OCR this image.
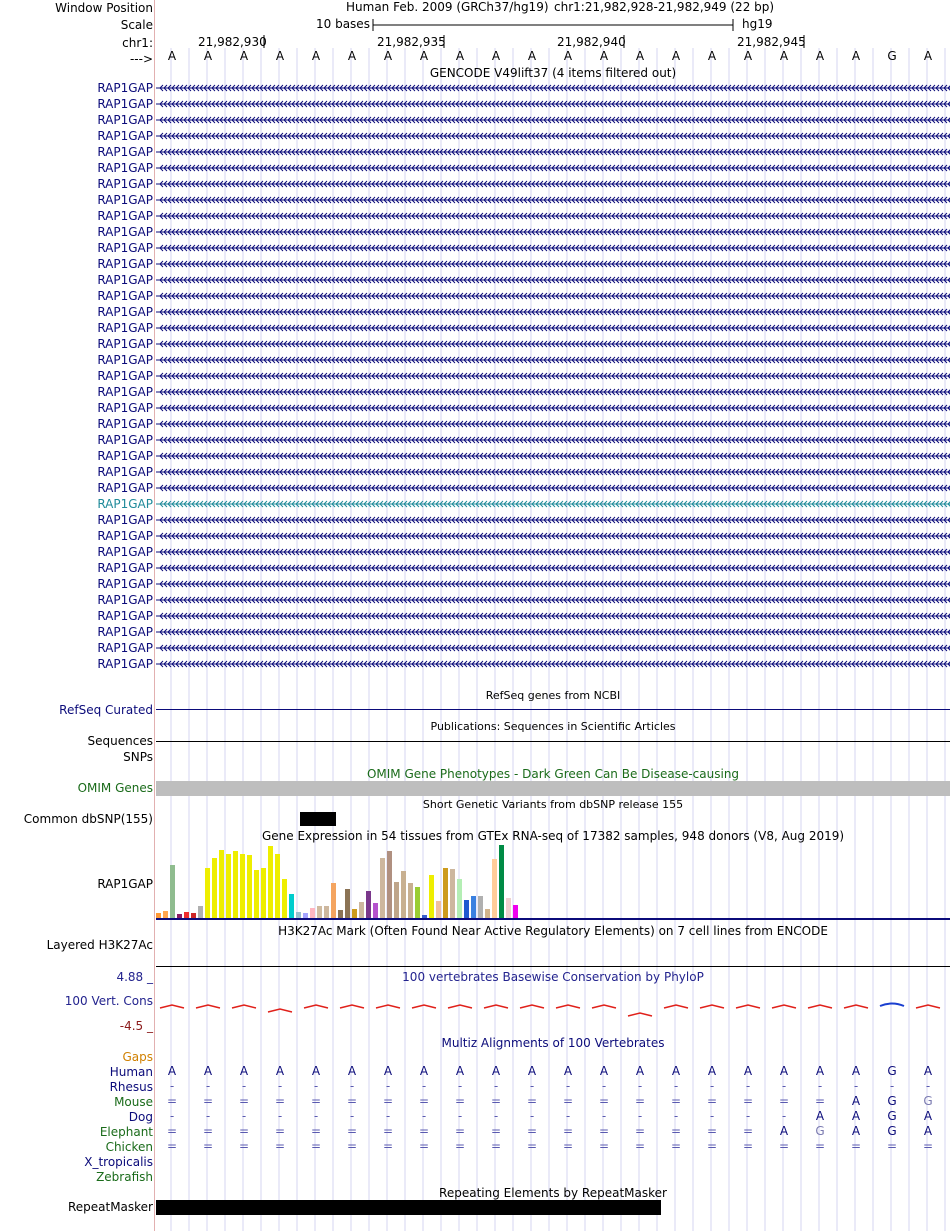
Window Position	Human Feb. 2009 (GRCh37/hg19) chr1:21,982,928-21,982,949 (22 bp)
Scale	10 bases	hg19
chr1:	21,982,930	21,982,935	21,982,940	21,982,945
--->	A	A	A	A	A	A	A	A	A	A	A	A	A	A	A	A	A	A	A	A	G	A
GENCODE V49lift37 (4 items filtered out)
RAP1GAP
RAP1GAP
RAP1GAP
RAP1GAP
RAP1GAP
RAP1GAP
RAP1GAP
RAP1GAP
RAP1GAP
RAP1GAP
RAP1GAP
RAP1GAP
RAP1GAP
RAP1GAP
RAP1GAP
RAP1GAP
RAP1GAP
RAP1GAP
RAP1GAP
RAP1GAP
RAP1GAP
RAP1GAP
RAP1GAP
RAP1GAP
RAP1GAP
RAP1GAP
RAP1GAP
RAP1GAP
RAP1GAP
RAP1GAP
RAP1GAP
RAP1GAP
RAP1GAP
RAP1GAP
RAP1GAP
RAP1GAP
RAP1GAP
RefSeq genes from NCBI
RefSeq Curated
Publications: Sequences in Scientific Articles
Sequences
SNPs
OMIM Gene Phenotypes - Dark Green Can Be Disease-causing
OMIM Genes
Short Genetic Variants from dbSNP release 155
Common dbSNP(155)
Gene Expression in 54 tissues from GTEx RNA-seq of 17382 samples, 948 donors (V8, Aug 2019)
RAP1GAP
H3K27Ac Mark (Often Found Near Active Regulatory Elements) on 7 cell lines from ENCODE
Layered H3K27Ac
4.88 _	100 vertebrates Basewise Conservation by PhyloP
100 Vert. Cons
-4.5 _
Multiz Alignments of 100 Vertebrates
Gaps
Human	A	A	A	A	A	A	A	A	A	A	A	A	A	A	A	A	A	A	A	A	G	A
Rhesus	-	-	-	-	-	-	-	-	-	-	-	-	-	-	-	-	-	-	-	-	-	-
Mouse	=	=	=	=	=	=	=	=	=	=	=	=	=	=	=	=	=	=	=	A	G	G
Dog	-	-	-	-	-	-	-	-	-	-	-	-	-	-	-	-	-	-	A	A	G	A
Elephant	=	=	=	=	=	=	=	=	=	=	=	=	=	=	=	=	=	A	G	A	G	A
Chicken	=	=	=	=	=	=	=	=	=	=	=	=	=	=	=	=	=	=	=	=	=	=
X_tropicalis
Zebrafish
Repeating Elements by RepeatMasker
RepeatMasker
